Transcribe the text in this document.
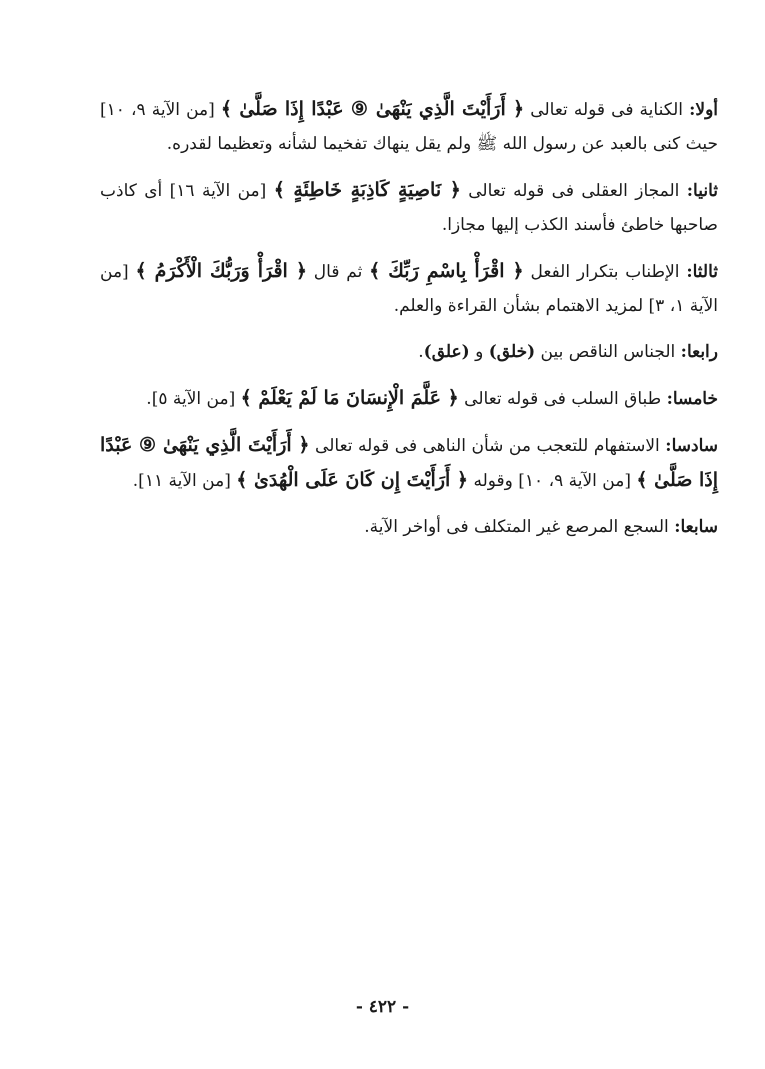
أولا: الكناية فى قوله تعالى ﴿ أَرَأَيْتَ الَّذِي يَنْهَىٰ ⑨ عَبْدًا إِذَا صَلَّىٰ ﴾ [من الآية ٩، ١٠] حيث كنى بالعبد عن رسول الله ﷺ ولم يقل ينهاك تفخيما لشأنه وتعظيما لقدره.

ثانيا: المجاز العقلى فى قوله تعالى ﴿ نَاصِيَةٍ كَاذِبَةٍ خَاطِئَةٍ ﴾ [من الآية ١٦] أى كاذب صاحبها خاطئ فأسند الكذب إليها مجازا.

ثالثا: الإطناب بتكرار الفعل ﴿ اقْرَأْ بِاسْمِ رَبِّكَ ﴾ ثم قال ﴿ اقْرَأْ وَرَبُّكَ الْأَكْرَمُ ﴾ [من الآية ١، ٣] لمزيد الاهتمام بشأن القراءة والعلم.

رابعا: الجناس الناقص بين (خلق) و (علق).

خامسا: طباق السلب فى قوله تعالى ﴿ عَلَّمَ الْإِنسَانَ مَا لَمْ يَعْلَمْ ﴾ [من الآية ٥].

سادسا: الاستفهام للتعجب من شأن الناهى فى قوله تعالى ﴿ أَرَأَيْتَ الَّذِي يَنْهَىٰ ⑨ عَبْدًا إِذَا صَلَّىٰ ﴾ [من الآية ٩، ١٠] وقوله ﴿ أَرَأَيْتَ إِن كَانَ عَلَى الْهُدَىٰ ﴾ [من الآية ١١].

سابعا: السجع المرصع غير المتكلف فى أواخر الآية.

- ٤٢٢ -
